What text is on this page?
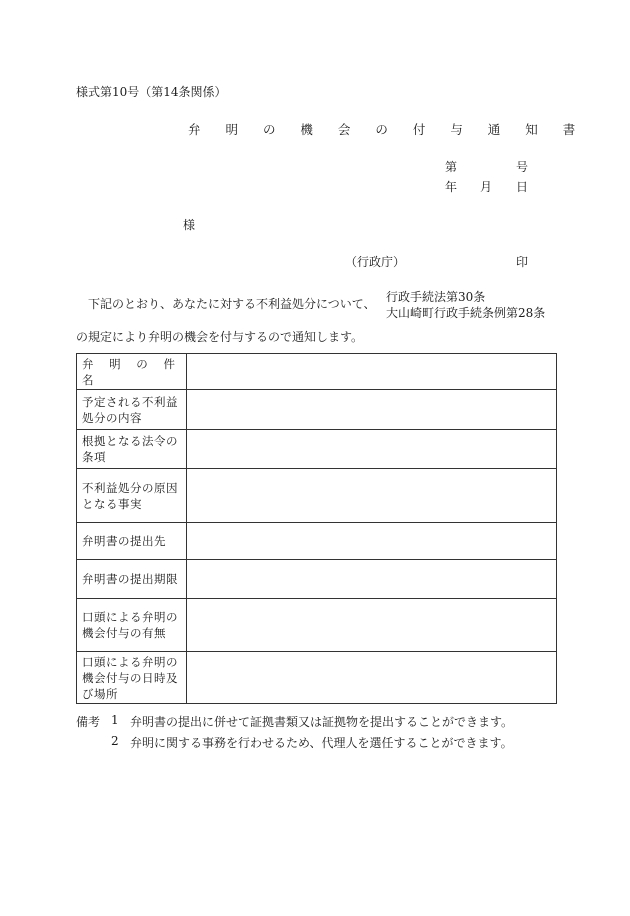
様式第10号（第14条関係）
弁 明 の 機 会 の 付 与 通 知 書
第	号
年 月 日
様
（行政庁）	印
下記のとおり、あなたに対する不利益処分について、 行政手続法第30条
大山崎町行政手続条例第28条
の規定により弁明の機会を付与するので通知します。
弁 明 の 件 名	
予定される不利益処分の内容	
根拠となる法令の条項	
不利益処分の原因となる事実	
弁明書の提出先	
弁明書の提出期限	
口頭による弁明の機会付与の有無	
口頭による弁明の機会付与の日時及び場所	
備考 1 弁明書の提出に併せて証拠書類又は証拠物を提出することができます。
2 弁明に関する事務を行わせるため、代理人を選任することができます。
